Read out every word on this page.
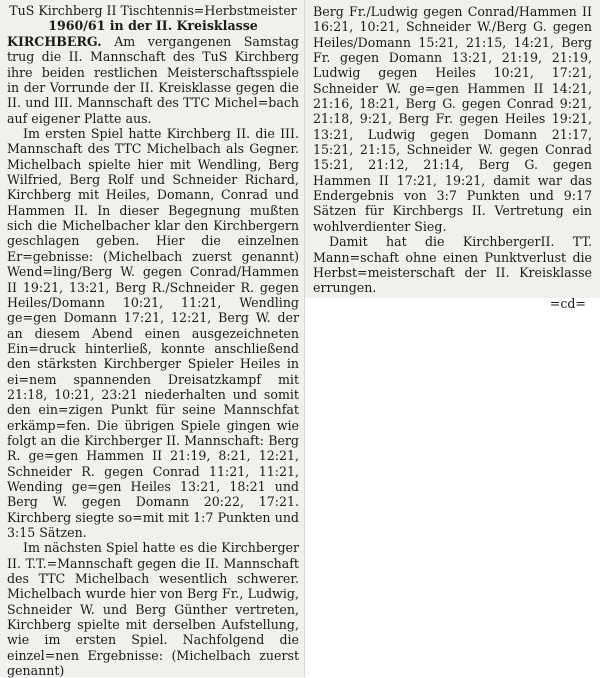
TuS Kirchberg II Tischtennis=Herbstmeister
1960/61 in der II. Kreisklasse

KIRCHBERG. Am vergangenen Samstag trug die II. Mannschaft des TuS Kirchberg ihre beiden restlichen Meisterschaftsspiele in der Vorrunde der II. Kreisklasse gegen die II. und III. Mannschaft des TTC Michel=bach auf eigener Platte aus.

Im ersten Spiel hatte Kirchberg II. die III. Mannschaft des TTC Michelbach als Gegner. Michelbach spielte hier mit Wendling, Berg Wilfried, Berg Rolf und Schneider Richard, Kirchberg mit Heiles, Domann, Conrad und Hammen II. In dieser Begegnung mußten sich die Michelbacher klar den Kirchbergern geschlagen geben. Hier die einzelnen Er=gebnisse: (Michelbach zuerst genannt) Wend=ling/Berg W. gegen Conrad/Hammen II 19:21, 13:21, Berg R./Schneider R. gegen Heiles/Domann 10:21, 11:21, Wendling ge=gen Domann 17:21, 12:21, Berg W. der an diesem Abend einen ausgezeichneten Ein=druck hinterließ, konnte anschließend den stärksten Kirchberger Spieler Heiles in ei=nem spannenden Dreisatzkampf mit 21:18, 10:21, 23:21 niederhalten und somit den ein=zigen Punkt für seine Mannschfat erkämp=fen. Die übrigen Spiele gingen wie folgt an die Kirchberger II. Mannschaft: Berg R. ge=gen Hammen II 21:19, 8:21, 12:21, Schneider R. gegen Conrad 11:21, 11:21, Wending ge=gen Heiles 13:21, 18:21 und Berg W. gegen Domann 20:22, 17:21. Kirchberg siegte so=mit mit 1:7 Punkten und 3:15 Sätzen.

Im nächsten Spiel hatte es die Kirchberger II. T.T.=Mannschaft gegen die II. Mannschaft des TTC Michelbach wesentlich schwerer. Michelbach wurde hier von Berg Fr., Ludwig, Schneider W. und Berg Günther vertreten, Kirchberg spielte mit derselben Aufstellung, wie im ersten Spiel. Nachfolgend die einzel=nen Ergebnisse: (Michelbach zuerst genannt)

Berg Fr./Ludwig gegen Conrad/Hammen II 16:21, 10:21, Schneider W./Berg G. gegen Heiles/Domann 15:21, 21:15, 14:21, Berg Fr. gegen Domann 13:21, 21:19, 21:19, Ludwig gegen Heiles 10:21, 17:21, Schneider W. ge=gen Hammen II 14:21, 21:16, 18:21, Berg G. gegen Conrad 9:21, 21:18, 9:21, Berg Fr. gegen Heiles 19:21, 13:21, Ludwig gegen Domann 21:17, 15:21, 21:15, Schneider W. gegen Conrad 15:21, 21:12, 21:14, Berg G. gegen Hammen II 17:21, 19:21, damit war das Endergebnis von 3:7 Punkten und 9:17 Sätzen für Kirchbergs II. Vertretung ein wohlverdienter Sieg.

Damit hat die KirchbergerII. TT. Mann=schaft ohne einen Punktverlust die Herbst=meisterschaft der II. Kreisklasse errungen.

=cd=
